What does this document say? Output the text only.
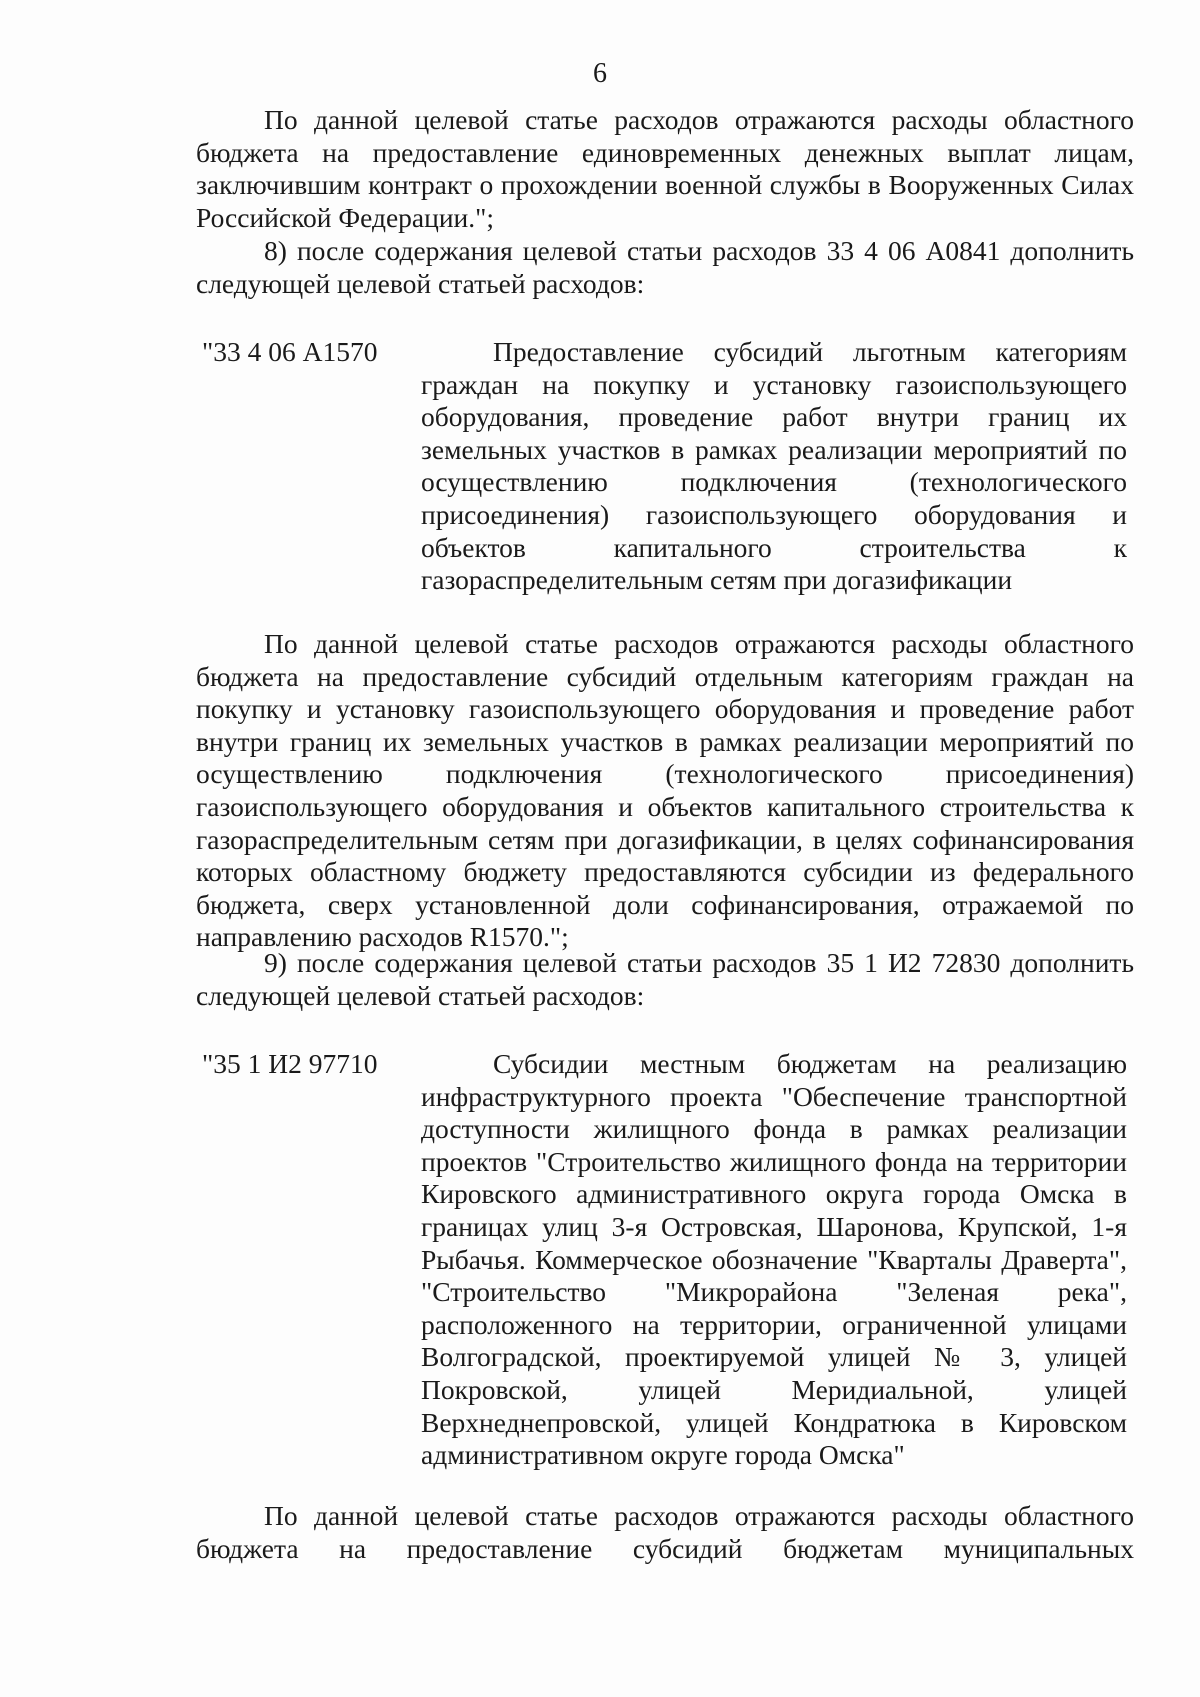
6

По данной целевой статье расходов отражаются расходы областного бюджета на предоставление единовременных денежных выплат лицам, заключившим контракт о прохождении военной службы в Вооруженных Силах Российской Федерации.";

8) после содержания целевой статьи расходов 33 4 06 А0841 дополнить следующей целевой статьей расходов:

"33 4 06 А1570	Предоставление субсидий льготным категориям граждан на покупку и установку газоиспользующего оборудования, проведение работ внутри границ их земельных участков в рамках реализации мероприятий по осуществлению подключения (технологического присоединения) газоиспользующего оборудования и объектов капитального строительства к газораспределительным сетям при догазификации

По данной целевой статье расходов отражаются расходы областного бюджета на предоставление субсидий отдельным категориям граждан на покупку и установку газоиспользующего оборудования и проведение работ внутри границ их земельных участков в рамках реализации мероприятий по осуществлению подключения (технологического присоединения) газоиспользующего оборудования и объектов капитального строительства к газораспределительным сетям при догазификации, в целях софинансирования которых областному бюджету предоставляются субсидии из федерального бюджета, сверх установленной доли софинансирования, отражаемой по направлению расходов R1570.";

9) после содержания целевой статьи расходов 35 1 И2 72830 дополнить следующей целевой статьей расходов:

"35 1 И2 97710	Субсидии местным бюджетам на реализацию инфраструктурного проекта "Обеспечение транспортной доступности жилищного фонда в рамках реализации проектов "Строительство жилищного фонда на территории Кировского административного округа города Омска в границах улиц 3-я Островская, Шаронова, Крупской, 1-я Рыбачья. Коммерческое обозначение "Кварталы Драверта", "Строительство "Микрорайона "Зеленая река", расположенного на территории, ограниченной улицами Волгоградской, проектируемой улицей № 3, улицей Покровской, улицей Меридиальной, улицей Верхнеднепровской, улицей Кондратюка в Кировском административном округе города Омска"

По данной целевой статье расходов отражаются расходы областного бюджета на предоставление субсидий бюджетам муниципальных
